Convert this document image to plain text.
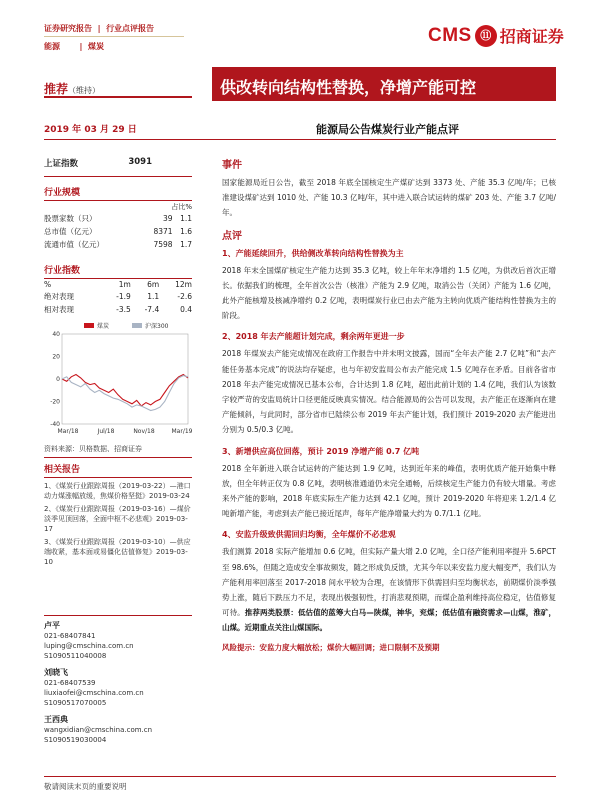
证券研究报告  |  行业点评报告
能源       |  煤炭
CMS ⑪ 招商证券
推荐（维持）	供改转向结构性替换，净增产能可控
2019 年 03 月 29 日	能源局公告煤炭行业产能点评
上证指数	3091
行业规模
占比%
股票家数（只）	39	1.1
总市值（亿元）	8371	1.6
流通市值（亿元）	7598	1.7
行业指数
%	1m	6m	12m
绝对表现	-1.9	1.1	-2.6
相对表现	-3.5	-7.4	0.4
煤炭	沪深300
40
20
0
-20
-40
Mar/18	Jul/18	Nov/18	Mar/19
资料来源：贝格数据、招商证券
相关报告
1、《煤炭行业跟踪周报（2019-03-22）—港口动力煤涨幅放缓，焦煤价格坚挺》2019-03-24
2、《煤炭行业跟踪周报（2019-03-16）—煤价淡季见顶回落，全面中枢不必悲观》2019-03-17
3、《煤炭行业跟踪周报（2019-03-10）—供应端收紧，基本面或易僵化估值修复》2019-03-10
卢平
021-68407841
luping@cmschina.com.cn
S1090511040008
刘晓飞
021-68407539
liuxiaofei@cmschina.com.cn
S1090517070005
王西典
wangxidian@cmschina.com.cn
S1090519030004
事件
国家能源局近日公告，截至 2018 年底全国核定生产煤矿达到 3373 处、产能 35.3 亿吨/年；已核准建设煤矿达到 1010 处、产能 10.3 亿吨/年，其中进入联合试运转的煤矿 203 处、产能 3.7 亿吨/年。
点评
1、产能延续回升，供给侧改革转向结构性替换为主
2018 年末全国煤矿核定生产能力达到 35.3 亿吨，较上年年末净增约 1.5 亿吨，为供改后首次正增长。依据我们的梳理，全年首次公告（核准）产能为 2.9 亿吨，取消公告（关闭）产能为 1.6 亿吨，此外产能核增及核减净增约 0.2 亿吨，表明煤炭行业已由去产能为主转向优质产能结构性替换为主的阶段。
2、2018 年去产能超计划完成，剩余两年更进一步
2018 年煤炭去产能完成情况在政府工作报告中并未明文披露，国而“全年去产能 2.7 亿吨”和“去产能任务基本完成”的说法均存疑虑，也与年初安监局公布去产能完成 1.5 亿吨存在矛盾。目前各省市 2018 年去产能完成情况已基本公布，合计达到 1.8 亿吨，超出此前计划的 1.4 亿吨，我们认为该数字较严苛的安监局统计口径更能反映真实情况。结合能源局的公告可以发现，去产能正在逐渐向在建产能倾斜，与此同时，部分省市已陆续公布 2019 年去产能计划，我们预计 2019-2020 去产能进出分别为 0.5/0.3 亿吨。
3、新增供应高位回落，预计 2019 净增产能 0.7 亿吨
2018 全年新进入联合试运转的产能达到 1.9 亿吨，达到近年来的峰值，表明优质产能开始集中释放，但全年转正仅为 0.8 亿吨，表明核准通道仍未完全通畅，后续核定生产能力仍有较大增量。考虑来外产能的影响，2018 年底实际生产能力达到 42.1 亿吨，预计 2019-2020 年将迎来 1.2/1.4 亿吨新增产能，考虑到去产能已接近尾声，每年产能净增量大约为 0.7/1.1 亿吨。
4、安监升级致供需回归均衡，全年煤价不必悲观
我们测算 2018 实际产能增加 0.6 亿吨，但实际产量大增 2.0 亿吨，全口径产能利用率提升 5.6PCT 至 98.6%，但随之造成安全事故频发，随之形成负反馈，尤其今年以来安监力度大幅变严，我们认为产能利用率回落至 2017-2018 间水平较为合理，在该情形下供需回归至均衡状态，前期煤价淡季强势上涨，随后下跌压力不足，表现出极强韧性，打消悲观预期，而煤企盈利维持高位稳定，估值修复可待。推荐两类股票：低估值的蓝筹大白马—陕煤，神华，兖煤；低估值有融资需求—山煤，淮矿，山煤。近期重点关注山煤国际。
风险提示：安监力度大幅放松；煤价大幅回调；进口限制不及预期
敬请阅读末页的重要说明
